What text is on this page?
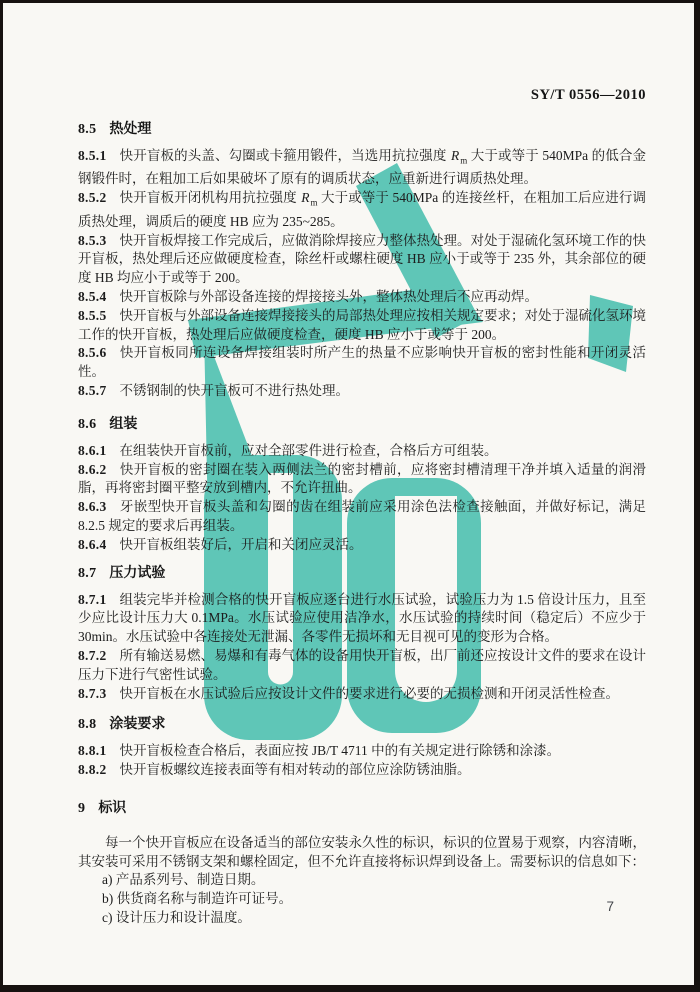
SY/T 0556—2010

8.5 热处理

8.5.1 快开盲板的头盖、勾圈或卡箍用锻件，当选用抗拉强度 $R_m$ 大于或等于 540MPa 的低合金钢锻件时，在粗加工后如果破坏了原有的调质状态，应重新进行调质热处理。

8.5.2 快开盲板开闭机构用抗拉强度 $R_m$ 大于或等于 540MPa 的连接丝杆，在粗加工后应进行调质热处理，调质后的硬度 HB 应为 235~285。

8.5.3 快开盲板焊接工作完成后，应做消除焊接应力整体热处理。对处于湿硫化氢环境工作的快开盲板，热处理后还应做硬度检查，除丝杆或螺柱硬度 HB 应小于或等于 235 外，其余部位的硬度 HB 均应小于或等于 200。

8.5.4 快开盲板除与外部设备连接的焊接接头外，整体热处理后不应再动焊。

8.5.5 快开盲板与外部设备连接焊接接头的局部热处理应按相关规定要求；对处于湿硫化氢环境工作的快开盲板，热处理后应做硬度检查，硬度 HB 应小于或等于 200。

8.5.6 快开盲板同所连设备焊接组装时所产生的热量不应影响快开盲板的密封性能和开闭灵活性。

8.5.7 不锈钢制的快开盲板可不进行热处理。

8.6 组装

8.6.1 在组装快开盲板前，应对全部零件进行检查，合格后方可组装。

8.6.2 快开盲板的密封圈在装入两侧法兰的密封槽前，应将密封槽清理干净并填入适量的润滑脂，再将密封圈平整安放到槽内，不允许扭曲。

8.6.3 牙嵌型快开盲板头盖和勾圈的齿在组装前应采用涂色法检查接触面，并做好标记，满足 8.2.5 规定的要求后再组装。

8.6.4 快开盲板组装好后，开启和关闭应灵活。

8.7 压力试验

8.7.1 组装完毕并检测合格的快开盲板应逐台进行水压试验，试验压力为 1.5 倍设计压力，且至少应比设计压力大 0.1MPa。水压试验应使用洁净水，水压试验的持续时间（稳定后）不应少于 30min。水压试验中各连接处无泄漏、各零件无损坏和无目视可见的变形为合格。

8.7.2 所有输送易燃、易爆和有毒气体的设备用快开盲板，出厂前还应按设计文件的要求在设计压力下进行气密性试验。

8.7.3 快开盲板在水压试验后应按设计文件的要求进行必要的无损检测和开闭灵活性检查。

8.8 涂装要求

8.8.1 快开盲板检查合格后，表面应按 JB/T 4711 中的有关规定进行除锈和涂漆。

8.8.2 快开盲板螺纹连接表面等有相对转动的部位应涂防锈油脂。

9 标识

每一个快开盲板应在设备适当的部位安装永久性的标识，标识的位置易于观察，内容清晰，其安装可采用不锈钢支架和螺栓固定，但不允许直接将标识焊到设备上。需要标识的信息如下：

a) 产品系列号、制造日期。

b) 供货商名称与制造许可证号。

c) 设计压力和设计温度。

7
